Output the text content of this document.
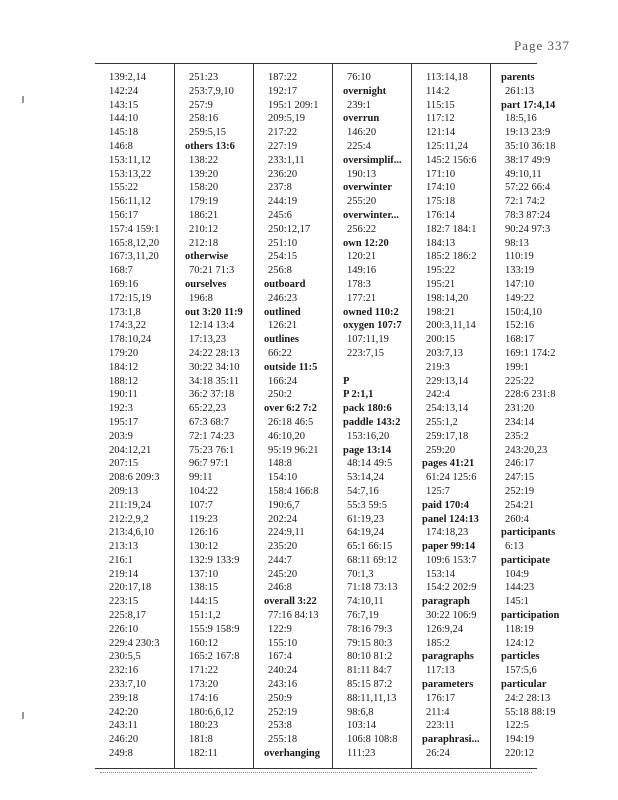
Page 337
139:2,14
142:24
143:15
144:10
145:18
146:8
153:11,12
153:13,22
155:22
156:11,12
156:17
157:4 159:1
165:8,12,20
167:3,11,20
168:7
169:16
172:15,19
173:1,8
174:3,22
178:10,24
179:20
184:12
188:12
190:11
192:3
195:17
203:9
204:12,21
207:15
208:6 209:3
209:13
211:19,24
212:2,9,2
213:4,6,10
213:13
216:1
219:14
220:17,18
223:15
225:8,17
226:10
229:4 230:3
230:5,5
232:16
233:7,10
239:18
242:20
243:11
246:20
249:8
251:23
253:7,9,10
257:9
258:16
259:5,15
others 13:6
138:22
139:20
158:20
179:19
186:21
210:12
212:18
otherwise
70:21 71:3
ourselves
196:8
out 3:20 11:9
12:14 13:4
17:13,23
24:22 28:13
30:22 34:10
34:18 35:11
36:2 37:18
65:22,23
67:3 68:7
72:1 74:23
75:23 76:1
96:7 97:1
99:11
104:22
107:7
119:23
126:16
130:12
132:9 133:9
137:10
138:15
144:15
151:1,2
155:9 158:9
160:12
165:2 167:8
171:22
173:20
174:16
180:6,6,12
180:23
181:8
182:11
187:22
192:17
195:1 209:1
209:5,19
217:22
227:19
233:1,11
236:20
237:8
244:19
245:6
250:12,17
251:10
254:15
256:8
outboard
246:23
outlined
126:21
outlines
66:22
outside 11:5
166:24
250:2
over 6:2 7:2
26:18 46:5
46:10,20
95:19 96:21
148:8
154:10
158:4 166:8
190:6,7
202:24
224:9,11
235:20
244:7
245:20
246:8
overall 3:22
77:16 84:13
122:9
155:10
167:4
240:24
243:16
250:9
252:19
253:8
255:18
overhanging
76:10
overnight
239:1
overrun
146:20
225:4
oversimplif...
190:13
overwinter
255:20
overwinter...
256:22
own 12:20
120:21
149:16
178:3
177:21
owned 110:2
oxygen 107:7
107:11,19
223:7,15
P
P 2:1,1
pack 180:6
paddle 143:2
153:16,20
page 13:14
48:14 49:5
53:14,24
54:7,16
55:3 59:5
61:19,23
64:19,24
65:1 66:15
68:11 69:12
70:1,3
71:18 73:13
74:10,11
76:7,19
78:16 79:3
79:15 80:3
80:10 81:2
81:11 84:7
85:15 87:2
88:11,11,13
98:6,8
103:14
106:8 108:8
111:23
113:14,18
114:2
115:15
117:12
121:14
125:11,24
145:2 156:6
171:10
174:10
175:18
176:14
182:7 184:1
184:13
185:2 186:2
195:22
195:21
198:14,20
198:21
200:3,11,14
200:15
203:7,13
219:3
229:13,14
242:4
254:13,14
255:1,2
259:17,18
259:20
pages 41:21
61:24 125:6
125:7
paid 170:4
panel 124:13
174:18,23
paper 99:14
109:6 153:7
153:14
154:2 202:9
paragraph
30:22 106:9
126:9,24
185:2
paragraphs
117:13
parameters
176:17
211:4
223:11
paraphrasi...
26:24
parents
261:13
part 17:4,14
18:5,16
19:13 23:9
35:10 36:18
38:17 49:9
49:10,11
57:22 66:4
72:1 74:2
78:3 87:24
90:24 97:3
98:13
110:19
133:19
147:10
149:22
150:4,10
152:16
168:17
169:1 174:2
199:1
225:22
228:6 231:8
231:20
234:14
235:2
243:20,23
246:17
247:15
252:19
254:21
260:4
participants
6:13
participate
104:9
144:23
145:1
participation
118:19
124:12
particles
157:5,6
particular
24:2 28:13
55:18 88:19
122:5
194:19
220:12
